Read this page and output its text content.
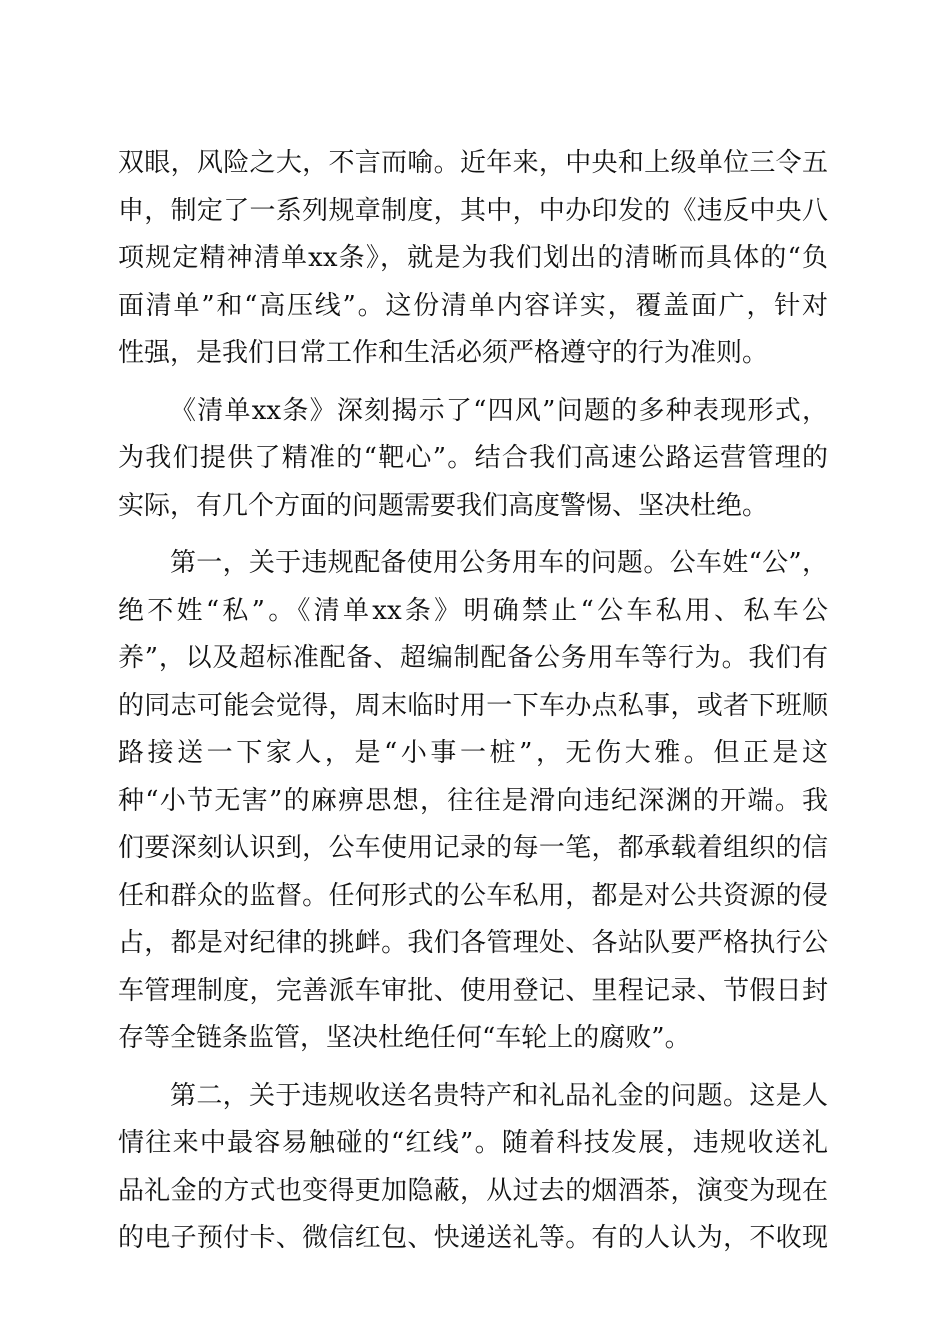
双眼，风险之大，不言而喻。近年来，中央和上级单位三令五
申，制定了一系列规章制度，其中，中办印发的《违反中央八
项规定精神清单xx条》，就是为我们划出的清晰而具体的“负
面清单”和“高压线”。这份清单内容详实，覆盖面广，针对
性强，是我们日常工作和生活必须严格遵守的行为准则。
《清单xx条》深刻揭示了“四风”问题的多种表现形式，
为我们提供了精准的“靶心”。结合我们高速公路运营管理的
实际，有几个方面的问题需要我们高度警惕、坚决杜绝。
第一，关于违规配备使用公务用车的问题。公车姓“公”，
绝不姓“私”。《清单xx条》明确禁止“公车私用、私车公
养”，以及超标准配备、超编制配备公务用车等行为。我们有
的同志可能会觉得，周末临时用一下车办点私事，或者下班顺
路接送一下家人，是“小事一桩”，无伤大雅。但正是这
种“小节无害”的麻痹思想，往往是滑向违纪深渊的开端。我
们要深刻认识到，公车使用记录的每一笔，都承载着组织的信
任和群众的监督。任何形式的公车私用，都是对公共资源的侵
占，都是对纪律的挑衅。我们各管理处、各站队要严格执行公
车管理制度，完善派车审批、使用登记、里程记录、节假日封
存等全链条监管，坚决杜绝任何“车轮上的腐败”。
第二，关于违规收送名贵特产和礼品礼金的问题。这是人
情往来中最容易触碰的“红线”。随着科技发展，违规收送礼
品礼金的方式也变得更加隐蔽，从过去的烟酒茶，演变为现在
的电子预付卡、微信红包、快递送礼等。有的人认为，不收现
